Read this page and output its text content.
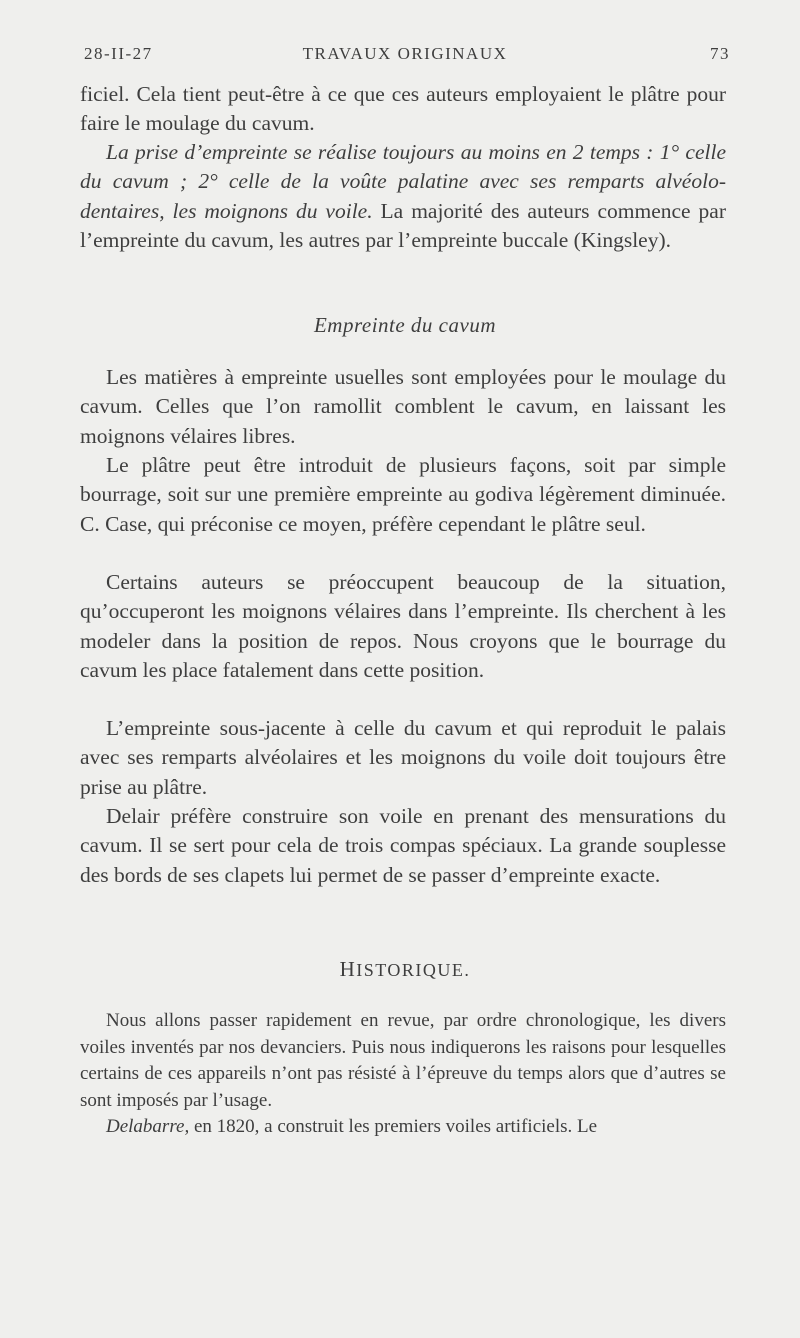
28-II-27	TRAVAUX ORIGINAUX	73

ficiel. Cela tient peut-être à ce que ces auteurs employaient le plâtre pour faire le moulage du cavum.

La prise d’empreinte se réalise toujours au moins en 2 temps : 1° celle du cavum ; 2° celle de la voûte palatine avec ses remparts alvéolo-dentaires, les moignons du voile. La majorité des auteurs commence par l’empreinte du cavum, les autres par l’empreinte buccale (Kingsley).

Empreinte du cavum

Les matières à empreinte usuelles sont employées pour le moulage du cavum. Celles que l’on ramollit comblent le cavum, en laissant les moignons vélaires libres.

Le plâtre peut être introduit de plusieurs façons, soit par simple bourrage, soit sur une première empreinte au godiva légèrement diminuée. C. Case, qui préconise ce moyen, préfère cependant le plâtre seul.

Certains auteurs se préoccupent beaucoup de la situation, qu’occuperont les moignons vélaires dans l’empreinte. Ils cherchent à les modeler dans la position de repos. Nous croyons que le bourrage du cavum les place fatalement dans cette position.

L’empreinte sous-jacente à celle du cavum et qui reproduit le palais avec ses remparts alvéolaires et les moignons du voile doit toujours être prise au plâtre.

Delair préfère construire son voile en prenant des mensurations du cavum. Il se sert pour cela de trois compas spéciaux. La grande souplesse des bords de ses clapets lui permet de se passer d’empreinte exacte.

HISTORIQUE.

Nous allons passer rapidement en revue, par ordre chronologique, les divers voiles inventés par nos devanciers. Puis nous indiquerons les raisons pour lesquelles certains de ces appareils n’ont pas résisté à l’épreuve du temps alors que d’autres se sont imposés par l’usage.

Delabarre, en 1820, a construit les premiers voiles artificiels. Le
